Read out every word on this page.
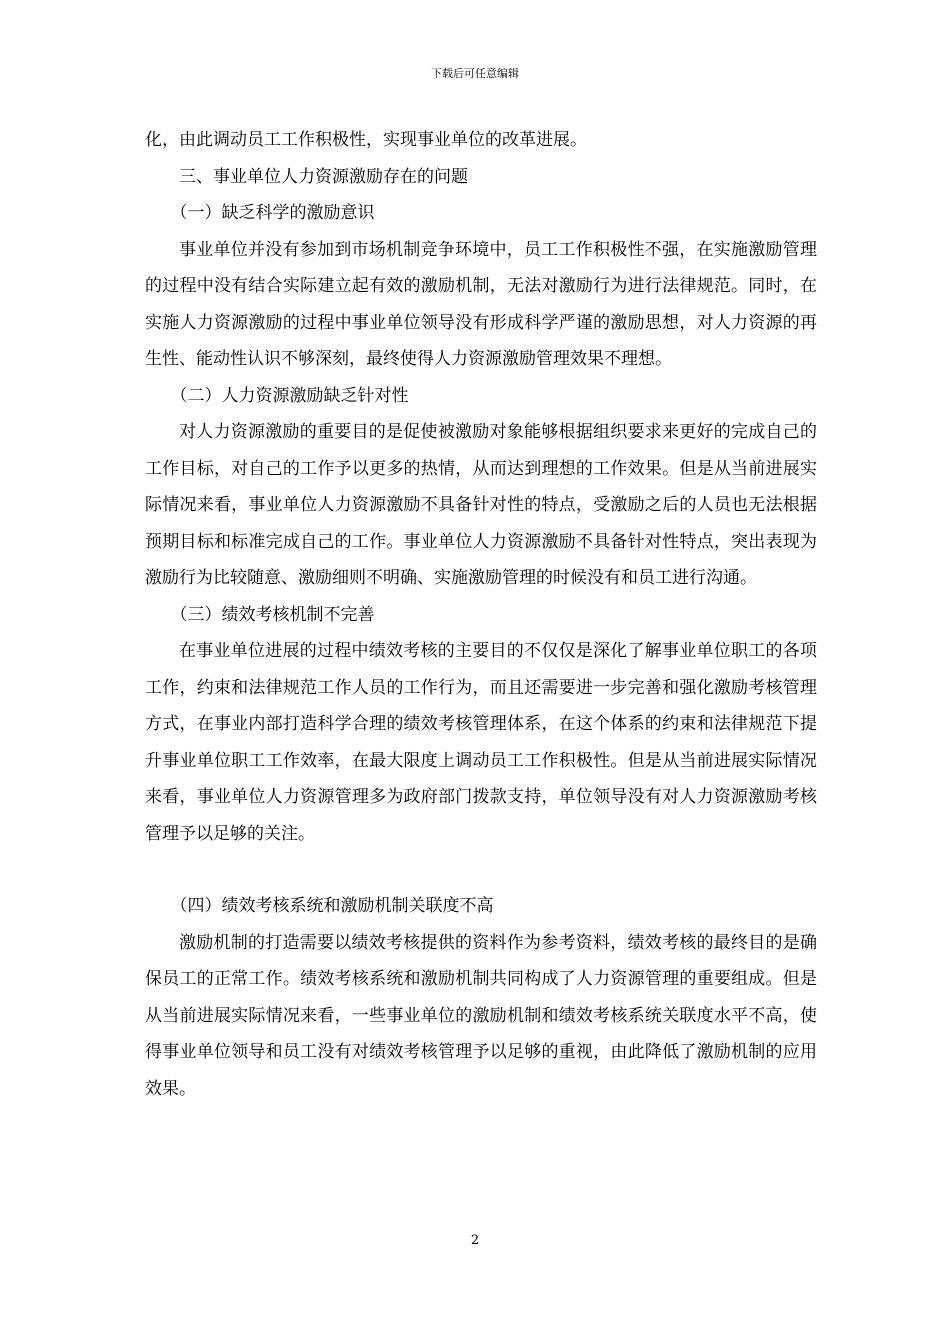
下载后可任意编辑

化，由此调动员工工作积极性，实现事业单位的改革进展。

三、事业单位人力资源激励存在的问题

（一）缺乏科学的激励意识

事业单位并没有参加到市场机制竞争环境中，员工工作积极性不强，在实施激励管理的过程中没有结合实际建立起有效的激励机制，无法对激励行为进行法律规范。同时，在实施人力资源激励的过程中事业单位领导没有形成科学严谨的激励思想，对人力资源的再生性、能动性认识不够深刻，最终使得人力资源激励管理效果不理想。

（二）人力资源激励缺乏针对性

对人力资源激励的重要目的是促使被激励对象能够根据组织要求来更好的完成自己的工作目标，对自己的工作予以更多的热情，从而达到理想的工作效果。但是从当前进展实际情况来看，事业单位人力资源激励不具备针对性的特点，受激励之后的人员也无法根据预期目标和标准完成自己的工作。事业单位人力资源激励不具备针对性特点，突出表现为激励行为比较随意、激励细则不明确、实施激励管理的时候没有和员工进行沟通。

（三）绩效考核机制不完善

在事业单位进展的过程中绩效考核的主要目的不仅仅是深化了解事业单位职工的各项工作，约束和法律规范工作人员的工作行为，而且还需要进一步完善和强化激励考核管理方式，在事业内部打造科学合理的绩效考核管理体系，在这个体系的约束和法律规范下提升事业单位职工工作效率，在最大限度上调动员工工作积极性。但是从当前进展实际情况来看，事业单位人力资源管理多为政府部门拨款支持，单位领导没有对人力资源激励考核管理予以足够的关注。

（四）绩效考核系统和激励机制关联度不高

激励机制的打造需要以绩效考核提供的资料作为参考资料，绩效考核的最终目的是确保员工的正常工作。绩效考核系统和激励机制共同构成了人力资源管理的重要组成。但是从当前进展实际情况来看，一些事业单位的激励机制和绩效考核系统关联度水平不高，使得事业单位领导和员工没有对绩效考核管理予以足够的重视，由此降低了激励机制的应用效果。

2
